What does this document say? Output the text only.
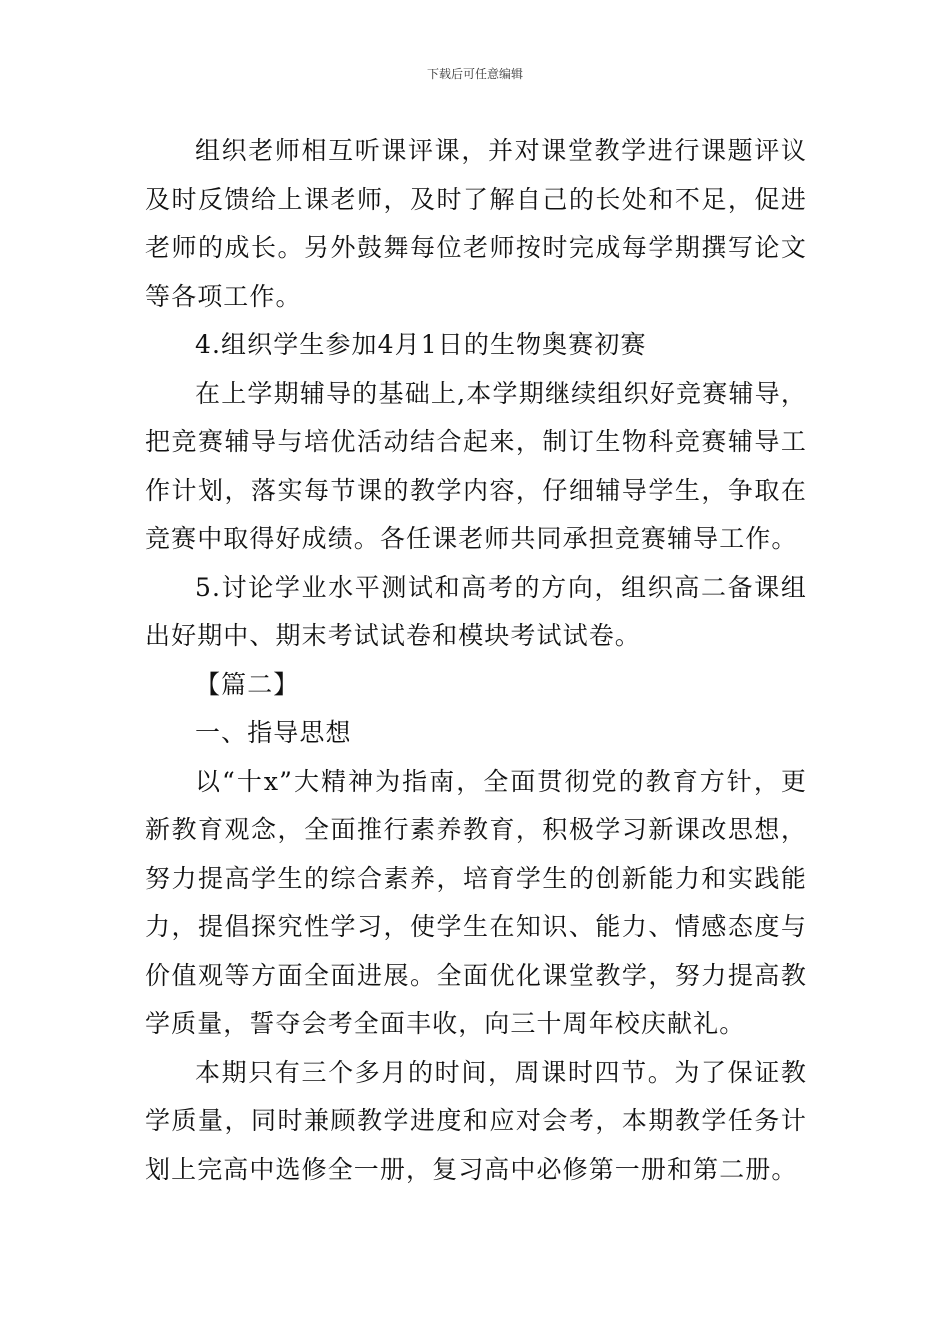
下载后可任意编辑

组织老师相互听课评课，并对课堂教学进行课题评议及时反馈给上课老师，及时了解自己的长处和不足，促进老师的成长。另外鼓舞每位老师按时完成每学期撰写论文等各项工作。

4.组织学生参加4月1日的生物奥赛初赛

在上学期辅导的基础上,本学期继续组织好竞赛辅导，把竞赛辅导与培优活动结合起来，制订生物科竞赛辅导工作计划，落实每节课的教学内容，仔细辅导学生，争取在竞赛中取得好成绩。各任课老师共同承担竞赛辅导工作。

5.讨论学业水平测试和高考的方向，组织高二备课组出好期中、期末考试试卷和模块考试试卷。

【篇二】

一、指导思想

以“十x”大精神为指南，全面贯彻党的教育方针，更新教育观念，全面推行素养教育，积极学习新课改思想，努力提高学生的综合素养，培育学生的创新能力和实践能力，提倡探究性学习，使学生在知识、能力、情感态度与价值观等方面全面进展。全面优化课堂教学，努力提高教学质量，誓夺会考全面丰收，向三十周年校庆献礼。

本期只有三个多月的时间，周课时四节。为了保证教学质量，同时兼顾教学进度和应对会考，本期教学任务计划上完高中选修全一册，复习高中必修第一册和第二册。
